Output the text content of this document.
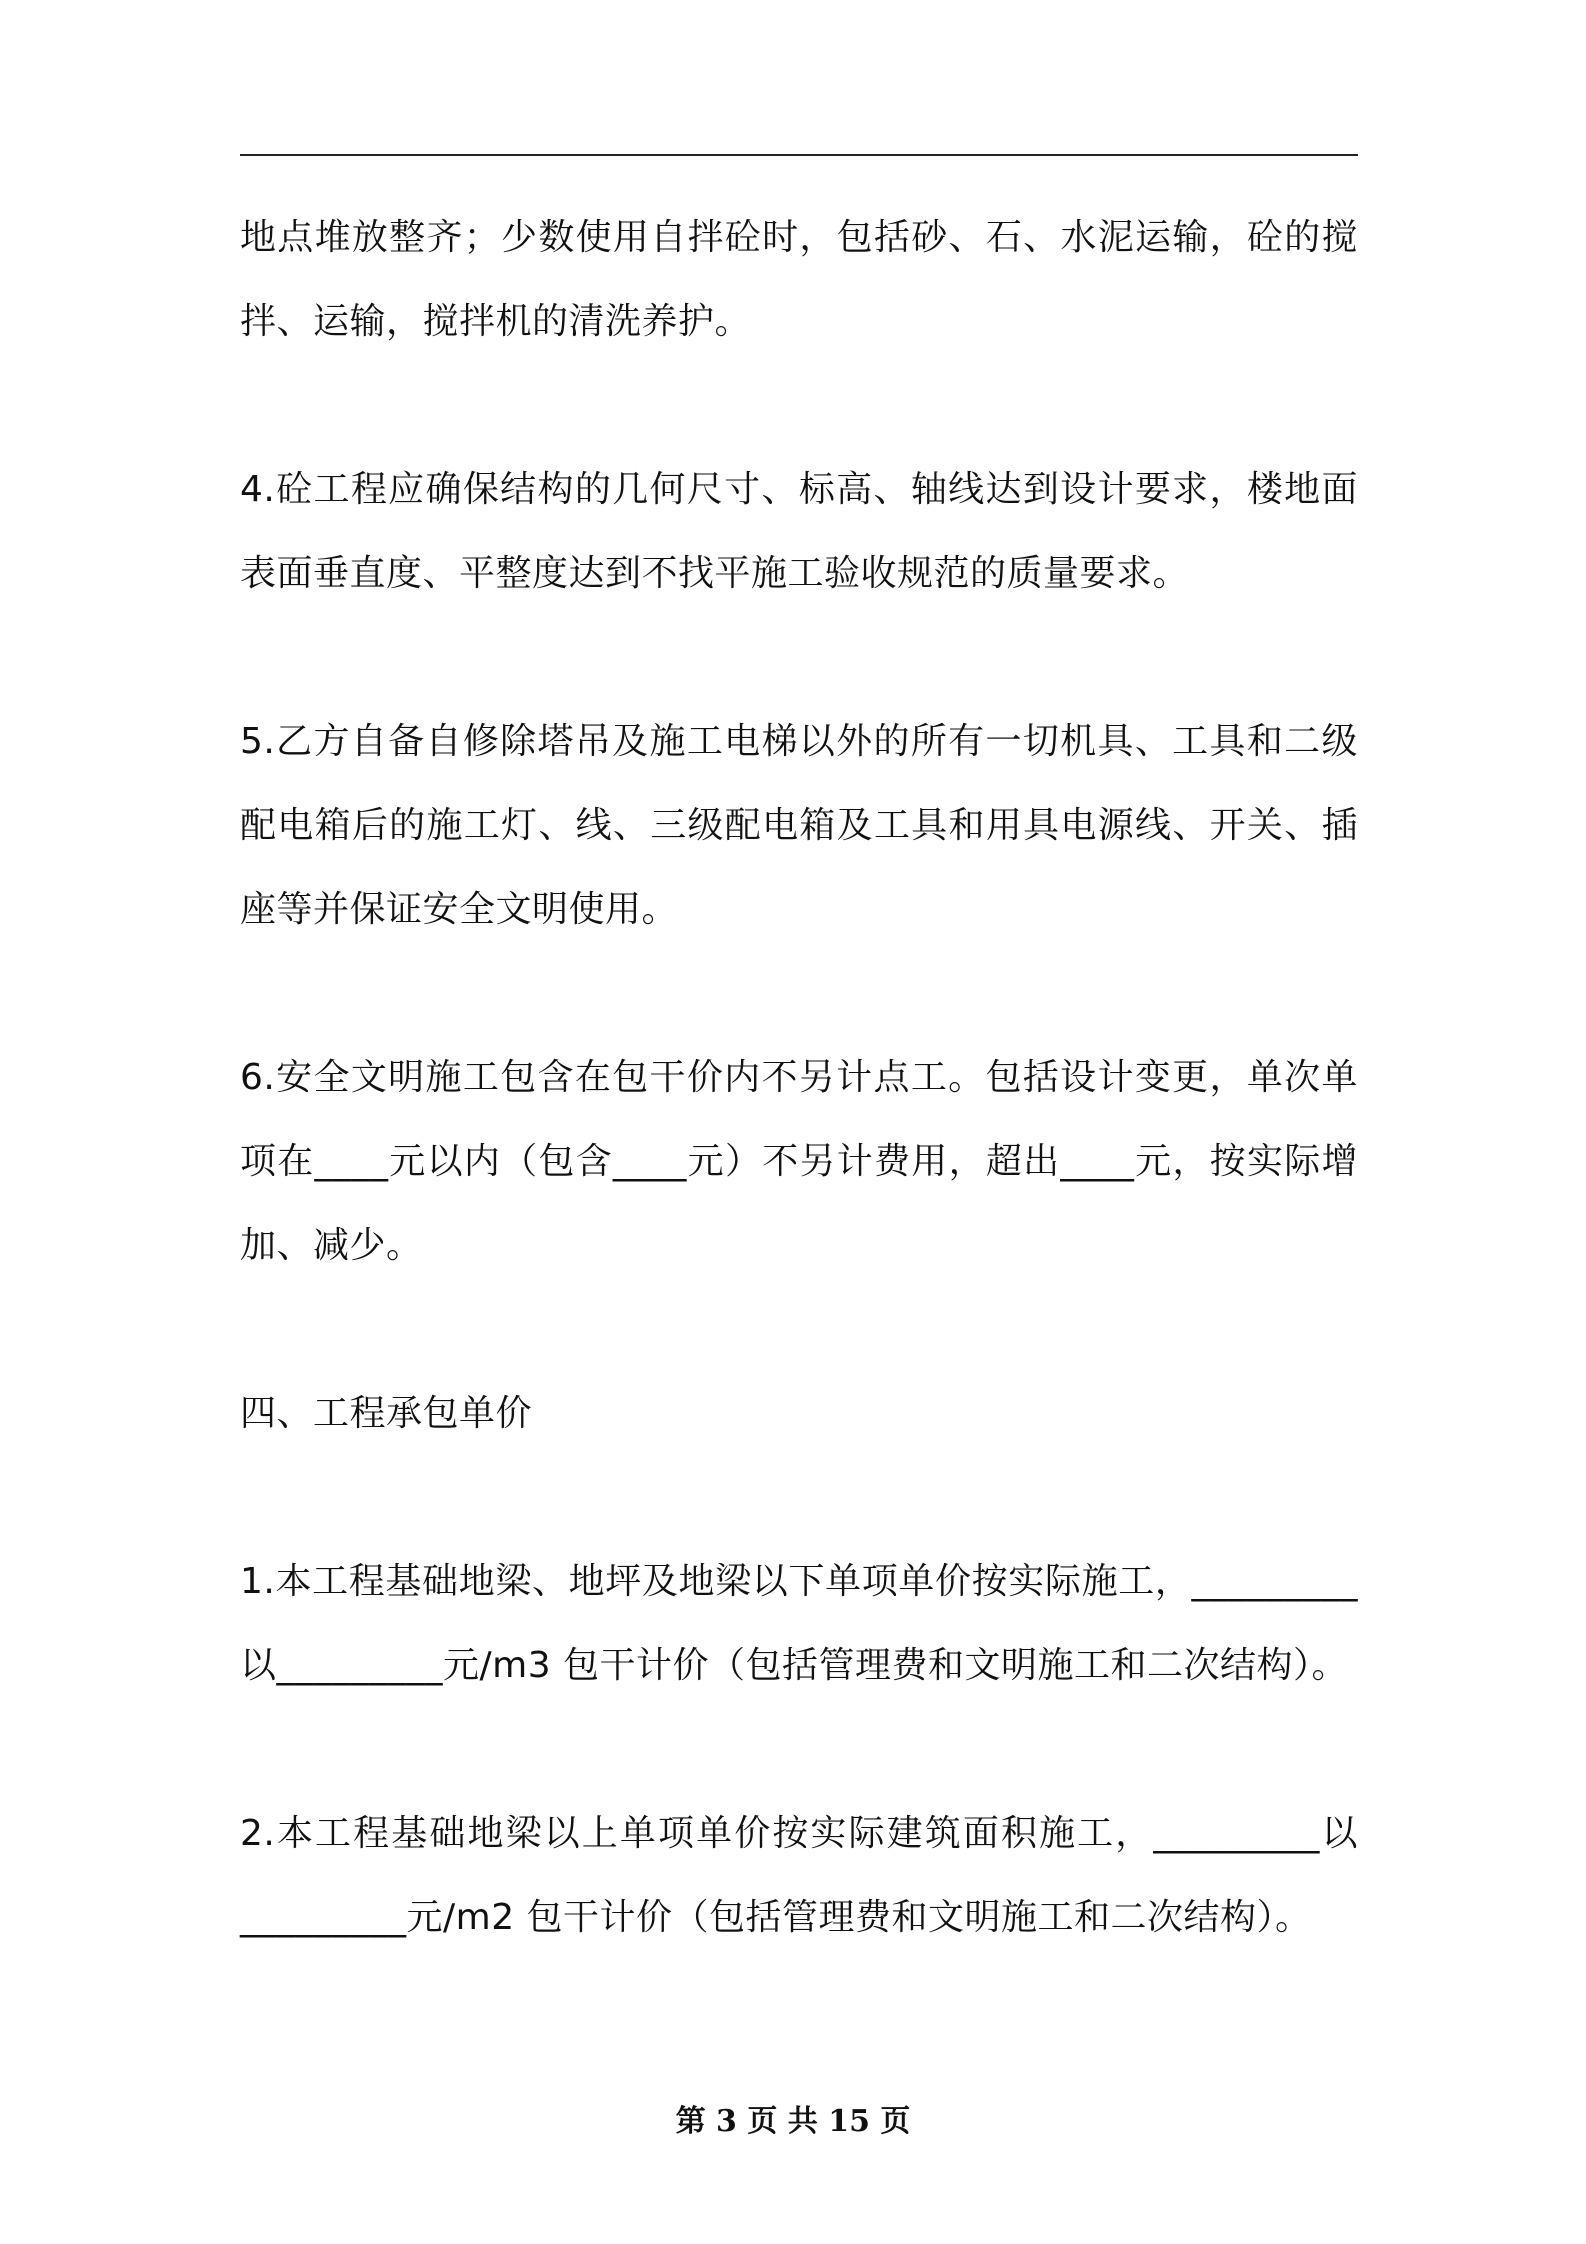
地点堆放整齐；少数使用自拌砼时，包括砂、石、水泥运输，砼的搅拌、运输，搅拌机的清洗养护。

4.砼工程应确保结构的几何尺寸、标高、轴线达到设计要求，楼地面表面垂直度、平整度达到不找平施工验收规范的质量要求。

5.乙方自备自修除塔吊及施工电梯以外的所有一切机具、工具和二级配电箱后的施工灯、线、三级配电箱及工具和用具电源线、开关、插座等并保证安全文明使用。

6.安全文明施工包含在包干价内不另计点工。包括设计变更，单次单项在____元以内（包含____元）不另计费用，超出____元，按实际增加、减少。

四、工程承包单价

1.本工程基础地梁、地坪及地梁以下单项单价按实际施工，_________以_________元/m3 包干计价（包括管理费和文明施工和二次结构）。

2.本工程基础地梁以上单项单价按实际建筑面积施工，_________以_________元/m2 包干计价（包括管理费和文明施工和二次结构）。

第 3 页 共 15 页
